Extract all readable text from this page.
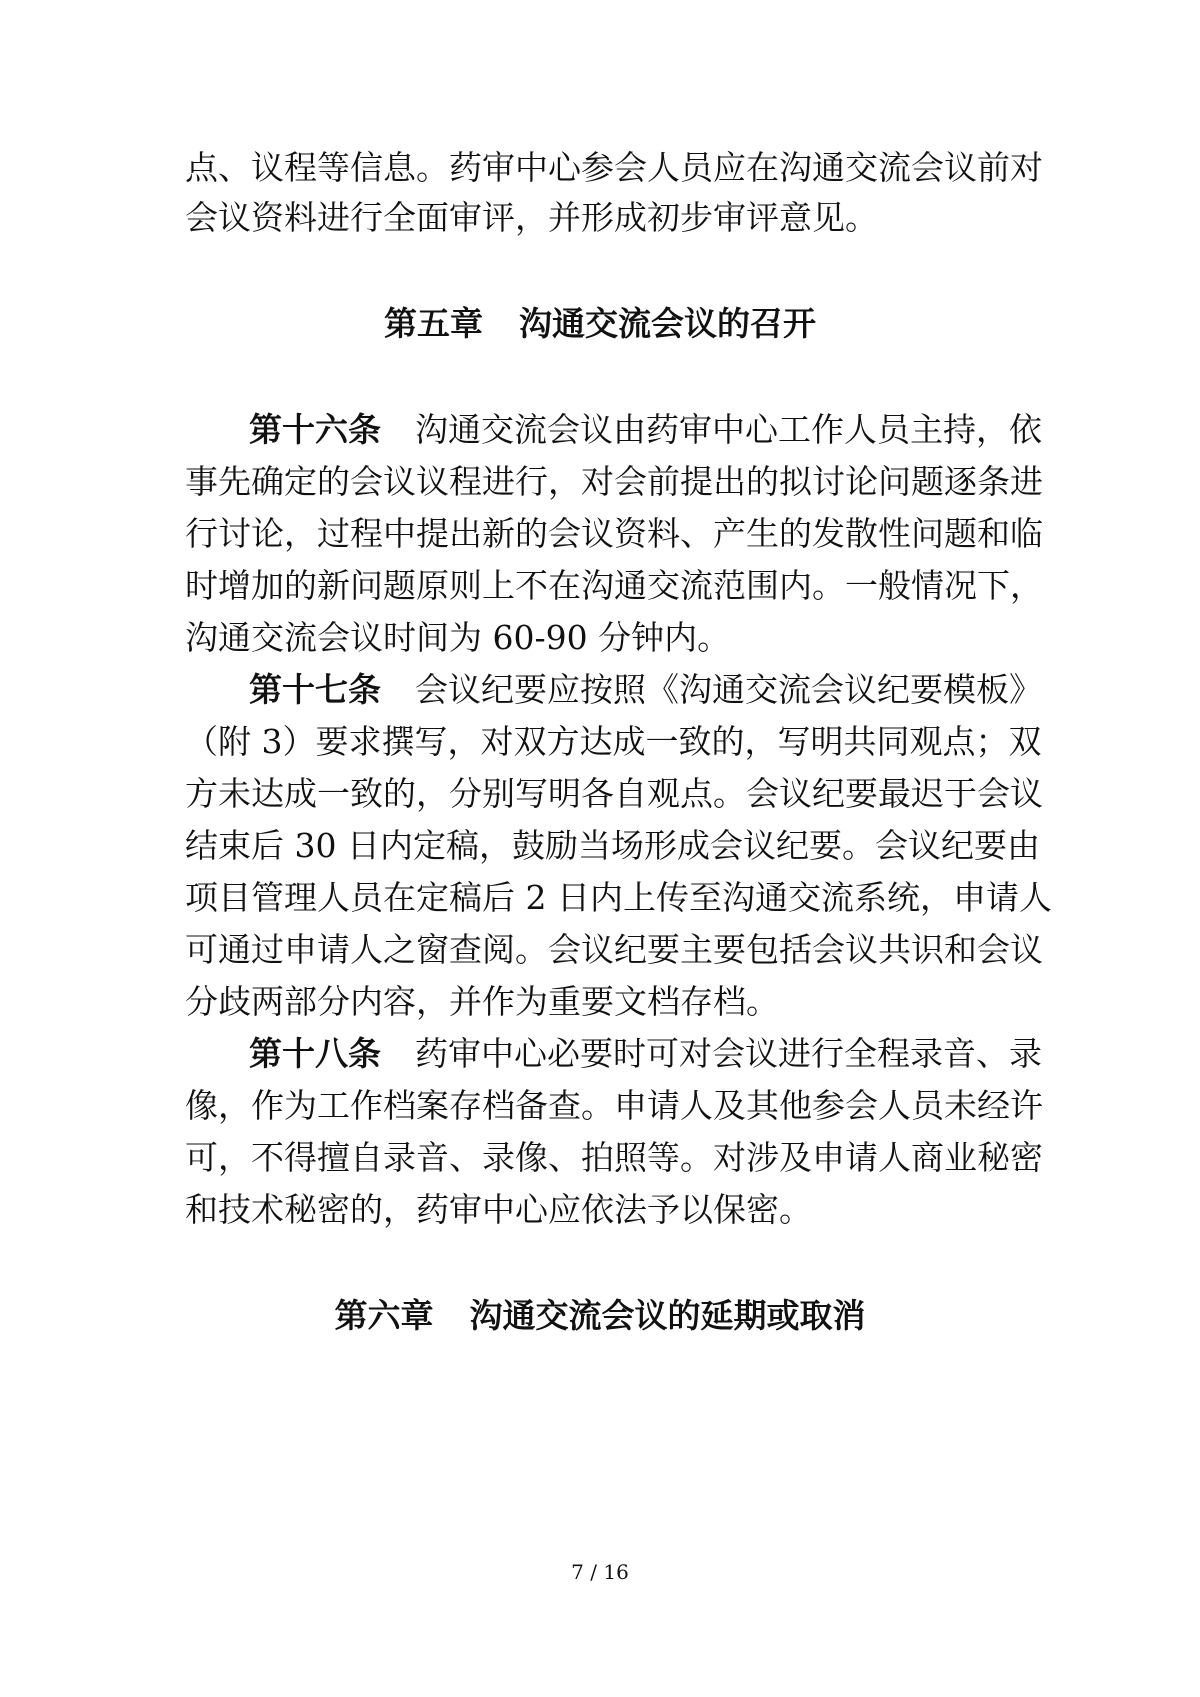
点、议程等信息。药审中心参会人员应在沟通交流会议前对
会议资料进行全面审评，并形成初步审评意见。
第五章 沟通交流会议的召开
第十六条 沟通交流会议由药审中心工作人员主持，依
事先确定的会议议程进行，对会前提出的拟讨论问题逐条进
行讨论，过程中提出新的会议资料、产生的发散性问题和临
时增加的新问题原则上不在沟通交流范围内。一般情况下，
沟通交流会议时间为 60-90 分钟内。
第十七条 会议纪要应按照《沟通交流会议纪要模板》
（附 3）要求撰写，对双方达成一致的，写明共同观点；双
方未达成一致的，分别写明各自观点。会议纪要最迟于会议
结束后 30 日内定稿，鼓励当场形成会议纪要。会议纪要由
项目管理人员在定稿后 2 日内上传至沟通交流系统，申请人
可通过申请人之窗查阅。会议纪要主要包括会议共识和会议
分歧两部分内容，并作为重要文档存档。
第十八条 药审中心必要时可对会议进行全程录音、录
像，作为工作档案存档备查。申请人及其他参会人员未经许
可，不得擅自录音、录像、拍照等。对涉及申请人商业秘密
和技术秘密的，药审中心应依法予以保密。
第六章 沟通交流会议的延期或取消
7 / 16
